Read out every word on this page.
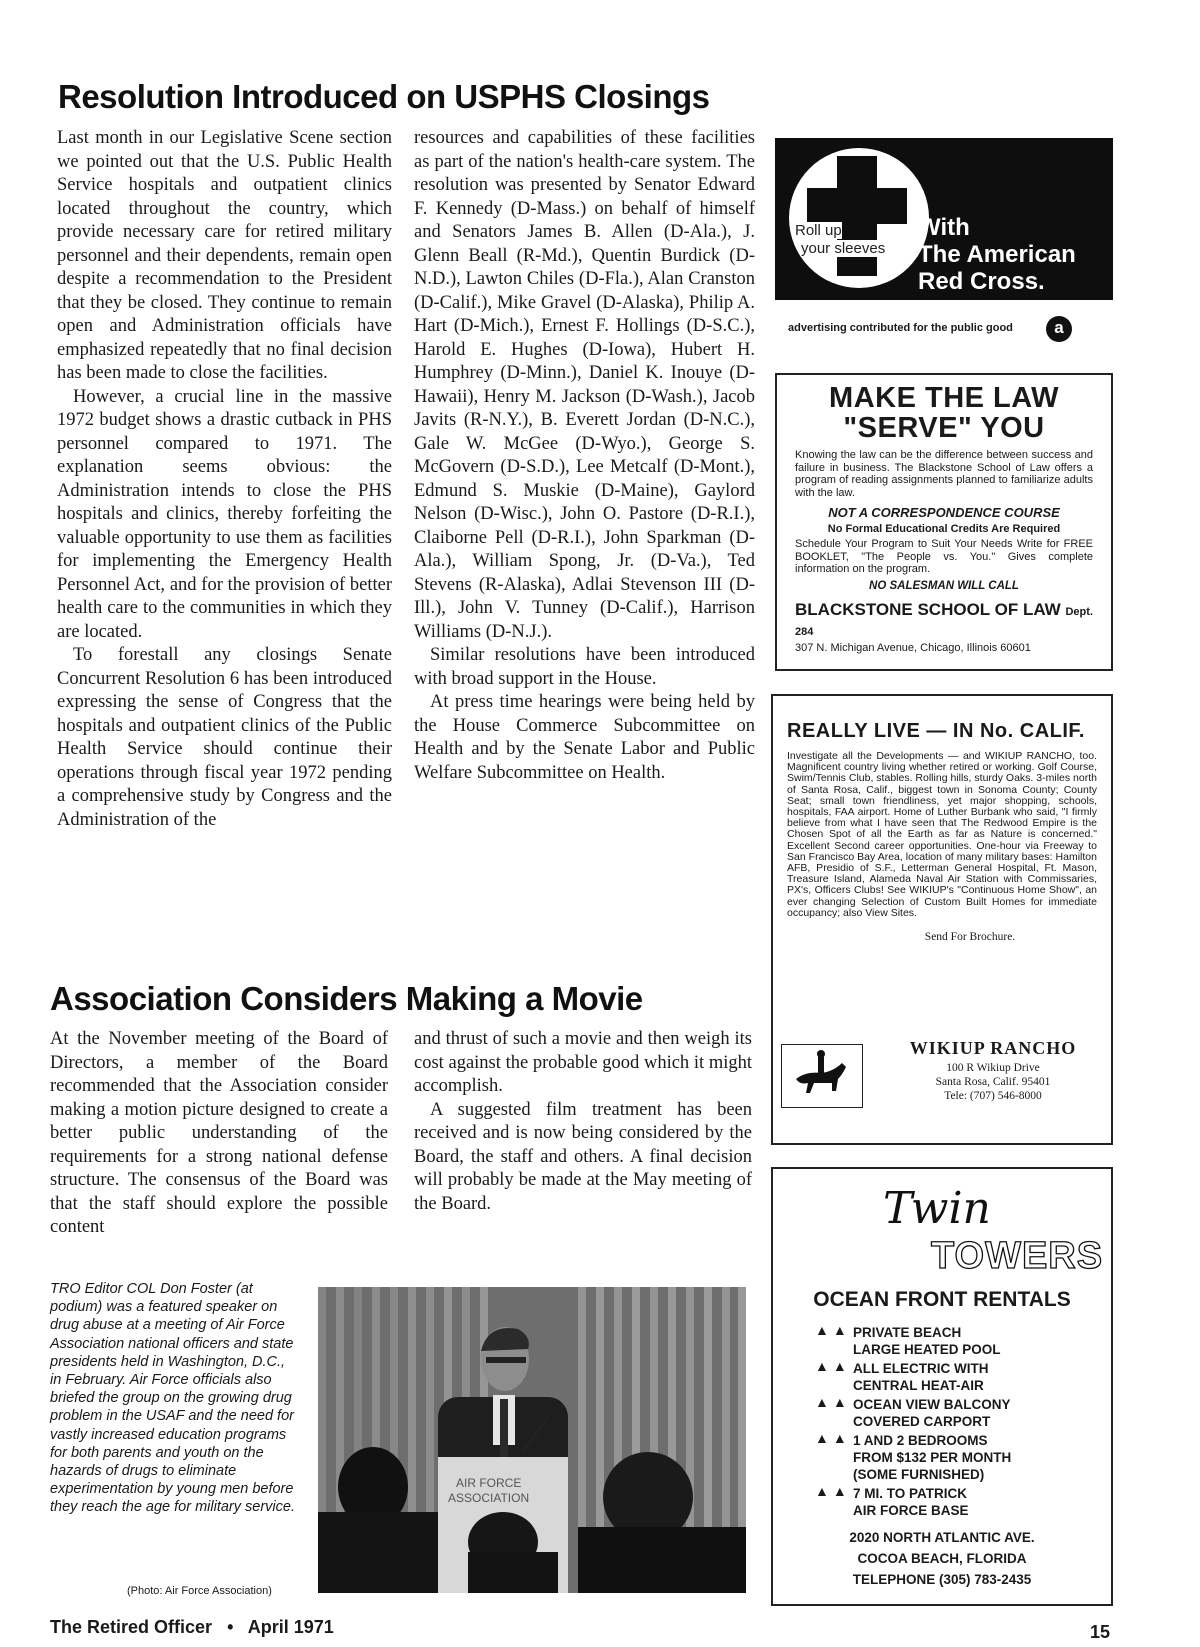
Resolution Introduced on USPHS Closings

Last month in our Legislative Scene section we pointed out that the U.S. Public Health Service hospitals and outpatient clinics located throughout the country, which provide necessary care for retired military personnel and their dependents, remain open despite a recommendation to the President that they be closed. They continue to remain open and Administration officials have emphasized repeatedly that no final decision has been made to close the facilities.

However, a crucial line in the massive 1972 budget shows a drastic cutback in PHS personnel compared to 1971. The explanation seems obvious: the Administration intends to close the PHS hospitals and clinics, thereby forfeiting the valuable opportunity to use them as facilities for implementing the Emergency Health Personnel Act, and for the provision of better health care to the communities in which they are located.

To forestall any closings Senate Concurrent Resolution 6 has been introduced expressing the sense of Congress that the hospitals and outpatient clinics of the Public Health Service should continue their operations through fiscal year 1972 pending a comprehensive study by Congress and the Administration of the

resources and capabilities of these facilities as part of the nation's health-care system. The resolution was presented by Senator Edward F. Kennedy (D-Mass.) on behalf of himself and Senators James B. Allen (D-Ala.), J. Glenn Beall (R-Md.), Quentin Burdick (D-N.D.), Lawton Chiles (D-Fla.), Alan Cranston (D-Calif.), Mike Gravel (D-Alaska), Philip A. Hart (D-Mich.), Ernest F. Hollings (D-S.C.), Harold E. Hughes (D-Iowa), Hubert H. Humphrey (D-Minn.), Daniel K. Inouye (D-Hawaii), Henry M. Jackson (D-Wash.), Jacob Javits (R-N.Y.), B. Everett Jordan (D-N.C.), Gale W. McGee (D-Wyo.), George S. McGovern (D-S.D.), Lee Metcalf (D-Mont.), Edmund S. Muskie (D-Maine), Gaylord Nelson (D-Wisc.), John O. Pastore (D-R.I.), Claiborne Pell (D-R.I.), John Sparkman (D-Ala.), William Spong, Jr. (D-Va.), Ted Stevens (R-Alaska), Adlai Stevenson III (D-Ill.), John V. Tunney (D-Calif.), Harrison Williams (D-N.J.).

Similar resolutions have been introduced with broad support in the House.

At press time hearings were being held by the House Commerce Subcommittee on Health and by the Senate Labor and Public Welfare Subcommittee on Health.

Association Considers Making a Movie

At the November meeting of the Board of Directors, a member of the Board recommended that the Association consider making a motion picture designed to create a better public understanding of the requirements for a strong national defense structure. The consensus of the Board was that the staff should explore the possible content

and thrust of such a movie and then weigh its cost against the probable good which it might accomplish.

A suggested film treatment has been received and is now being considered by the Board, the staff and others. A final decision will probably be made at the May meeting of the Board.

TRO Editor COL Don Foster (at podium) was a featured speaker on drug abuse at a meeting of Air Force Association national officers and state presidents held in Washington, D.C., in February. Air Force officials also briefed the group on the growing drug problem in the USAF and the need for vastly increased education programs for both parents and youth on the hazards of drugs to eliminate experimentation by young men before they reach the age for military service.
(Photo: Air Force Association)
AIR FORCE
ASSOCIATION
Roll up
your sleeves
With
The American
Red Cross.
advertising contributed for the public good	a
MAKE THE LAW
"SERVE" YOU
Knowing the law can be the difference between success and failure in business. The Blackstone School of Law offers a program of reading assignments planned to familiarize adults with the law.
NOT A CORRESPONDENCE COURSE
No Formal Educational Credits Are Required
Schedule Your Program to Suit Your Needs Write for FREE BOOKLET, "The People vs. You." Gives complete information on the program.
NO SALESMAN WILL CALL
BLACKSTONE SCHOOL OF LAW Dept. 284
307 N. Michigan Avenue, Chicago, Illinois 60601
REALLY LIVE — IN No. CALIF.
Investigate all the Developments — and WIKIUP RANCHO, too. Magnificent country living whether retired or working. Golf Course, Swim/Tennis Club, stables. Rolling hills, sturdy Oaks. 3-miles north of Santa Rosa, Calif., biggest town in Sonoma County; County Seat; small town friendliness, yet major shopping, schools, hospitals, FAA airport. Home of Luther Burbank who said, "I firmly believe from what I have seen that The Redwood Empire is the Chosen Spot of all the Earth as far as Nature is concerned." Excellent Second career opportunities. One-hour via Freeway to San Francisco Bay Area, location of many military bases: Hamilton AFB, Presidio of S.F., Letterman General Hospital, Ft. Mason, Treasure Island, Alameda Naval Air Station with Commissaries, PX's, Officers Clubs! See WIKIUP's "Continuous Home Show", an ever changing Selection of Custom Built Homes for immediate occupancy; also View Sites.
Send For Brochure.
WIKIUP RANCHO
100 R Wikiup Drive
Santa Rosa, Calif. 95401
Tele: (707) 546-8000
Twin
TOWERS
OCEAN FRONT RENTALS
▲▲ PRIVATE BEACH
LARGE HEATED POOL
▲▲ ALL ELECTRIC WITH
CENTRAL HEAT-AIR
▲▲ OCEAN VIEW BALCONY
COVERED CARPORT
▲▲ 1 AND 2 BEDROOMS
FROM $132 PER MONTH
(SOME FURNISHED)
▲▲ 7 MI. TO PATRICK
AIR FORCE BASE
2020 NORTH ATLANTIC AVE.
COCOA BEACH, FLORIDA
TELEPHONE (305) 783-2435
The Retired Officer • April 1971	15
